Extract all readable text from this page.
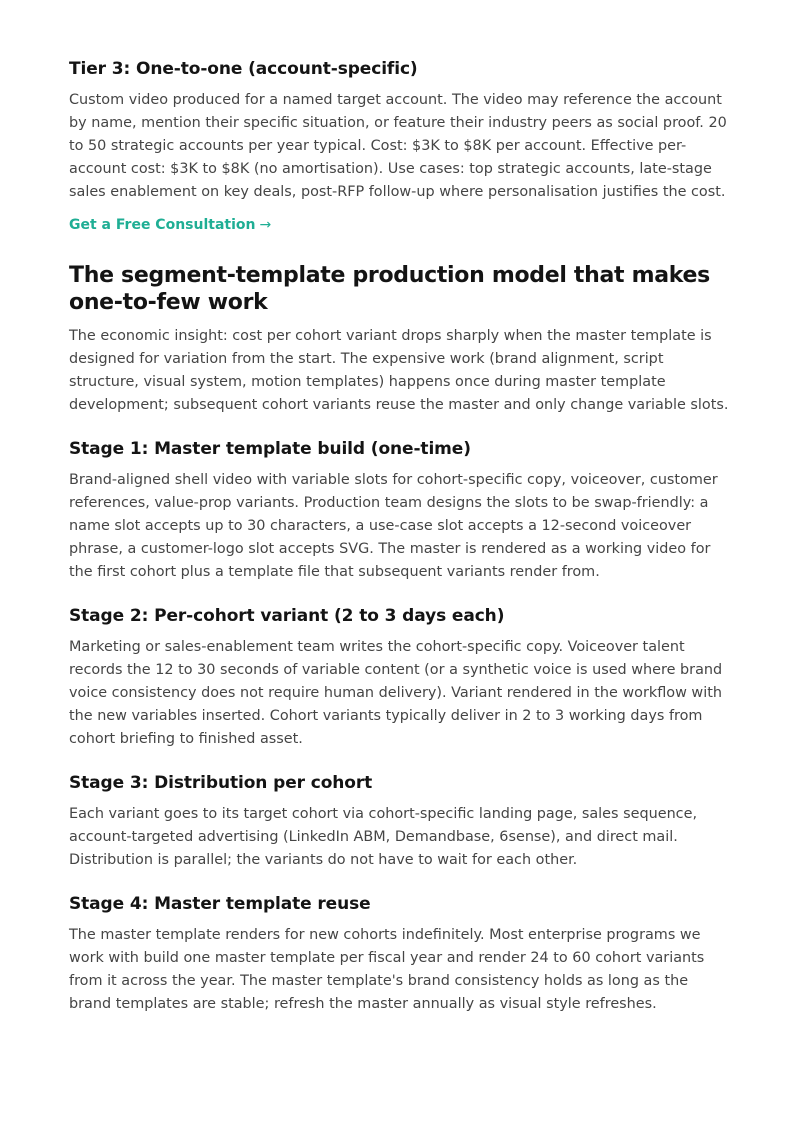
Tier 3: One-to-one (account-specific)

Custom video produced for a named target account. The video may reference the account by name, mention their specific situation, or feature their industry peers as social proof. 20 to 50 strategic accounts per year typical. Cost: $3K to $8K per account. Effective per-account cost: $3K to $8K (no amortisation). Use cases: top strategic accounts, late-stage sales enablement on key deals, post-RFP follow-up where personalisation justifies the cost.

Get a Free Consultation →
The segment-template production model that makes one-to-few work

The economic insight: cost per cohort variant drops sharply when the master template is designed for variation from the start. The expensive work (brand alignment, script structure, visual system, motion templates) happens once during master template development; subsequent cohort variants reuse the master and only change variable slots.

Stage 1: Master template build (one-time)

Brand-aligned shell video with variable slots for cohort-specific copy, voiceover, customer references, value-prop variants. Production team designs the slots to be swap-friendly: a name slot accepts up to 30 characters, a use-case slot accepts a 12-second voiceover phrase, a customer-logo slot accepts SVG. The master is rendered as a working video for the first cohort plus a template file that subsequent variants render from.

Stage 2: Per-cohort variant (2 to 3 days each)

Marketing or sales-enablement team writes the cohort-specific copy. Voiceover talent records the 12 to 30 seconds of variable content (or a synthetic voice is used where brand voice consistency does not require human delivery). Variant rendered in the workflow with the new variables inserted. Cohort variants typically deliver in 2 to 3 working days from cohort briefing to finished asset.

Stage 3: Distribution per cohort

Each variant goes to its target cohort via cohort-specific landing page, sales sequence, account-targeted advertising (LinkedIn ABM, Demandbase, 6sense), and direct mail. Distribution is parallel; the variants do not have to wait for each other.

Stage 4: Master template reuse

The master template renders for new cohorts indefinitely. Most enterprise programs we work with build one master template per fiscal year and render 24 to 60 cohort variants from it across the year. The master template's brand consistency holds as long as the brand templates are stable; refresh the master annually as visual style refreshes.
